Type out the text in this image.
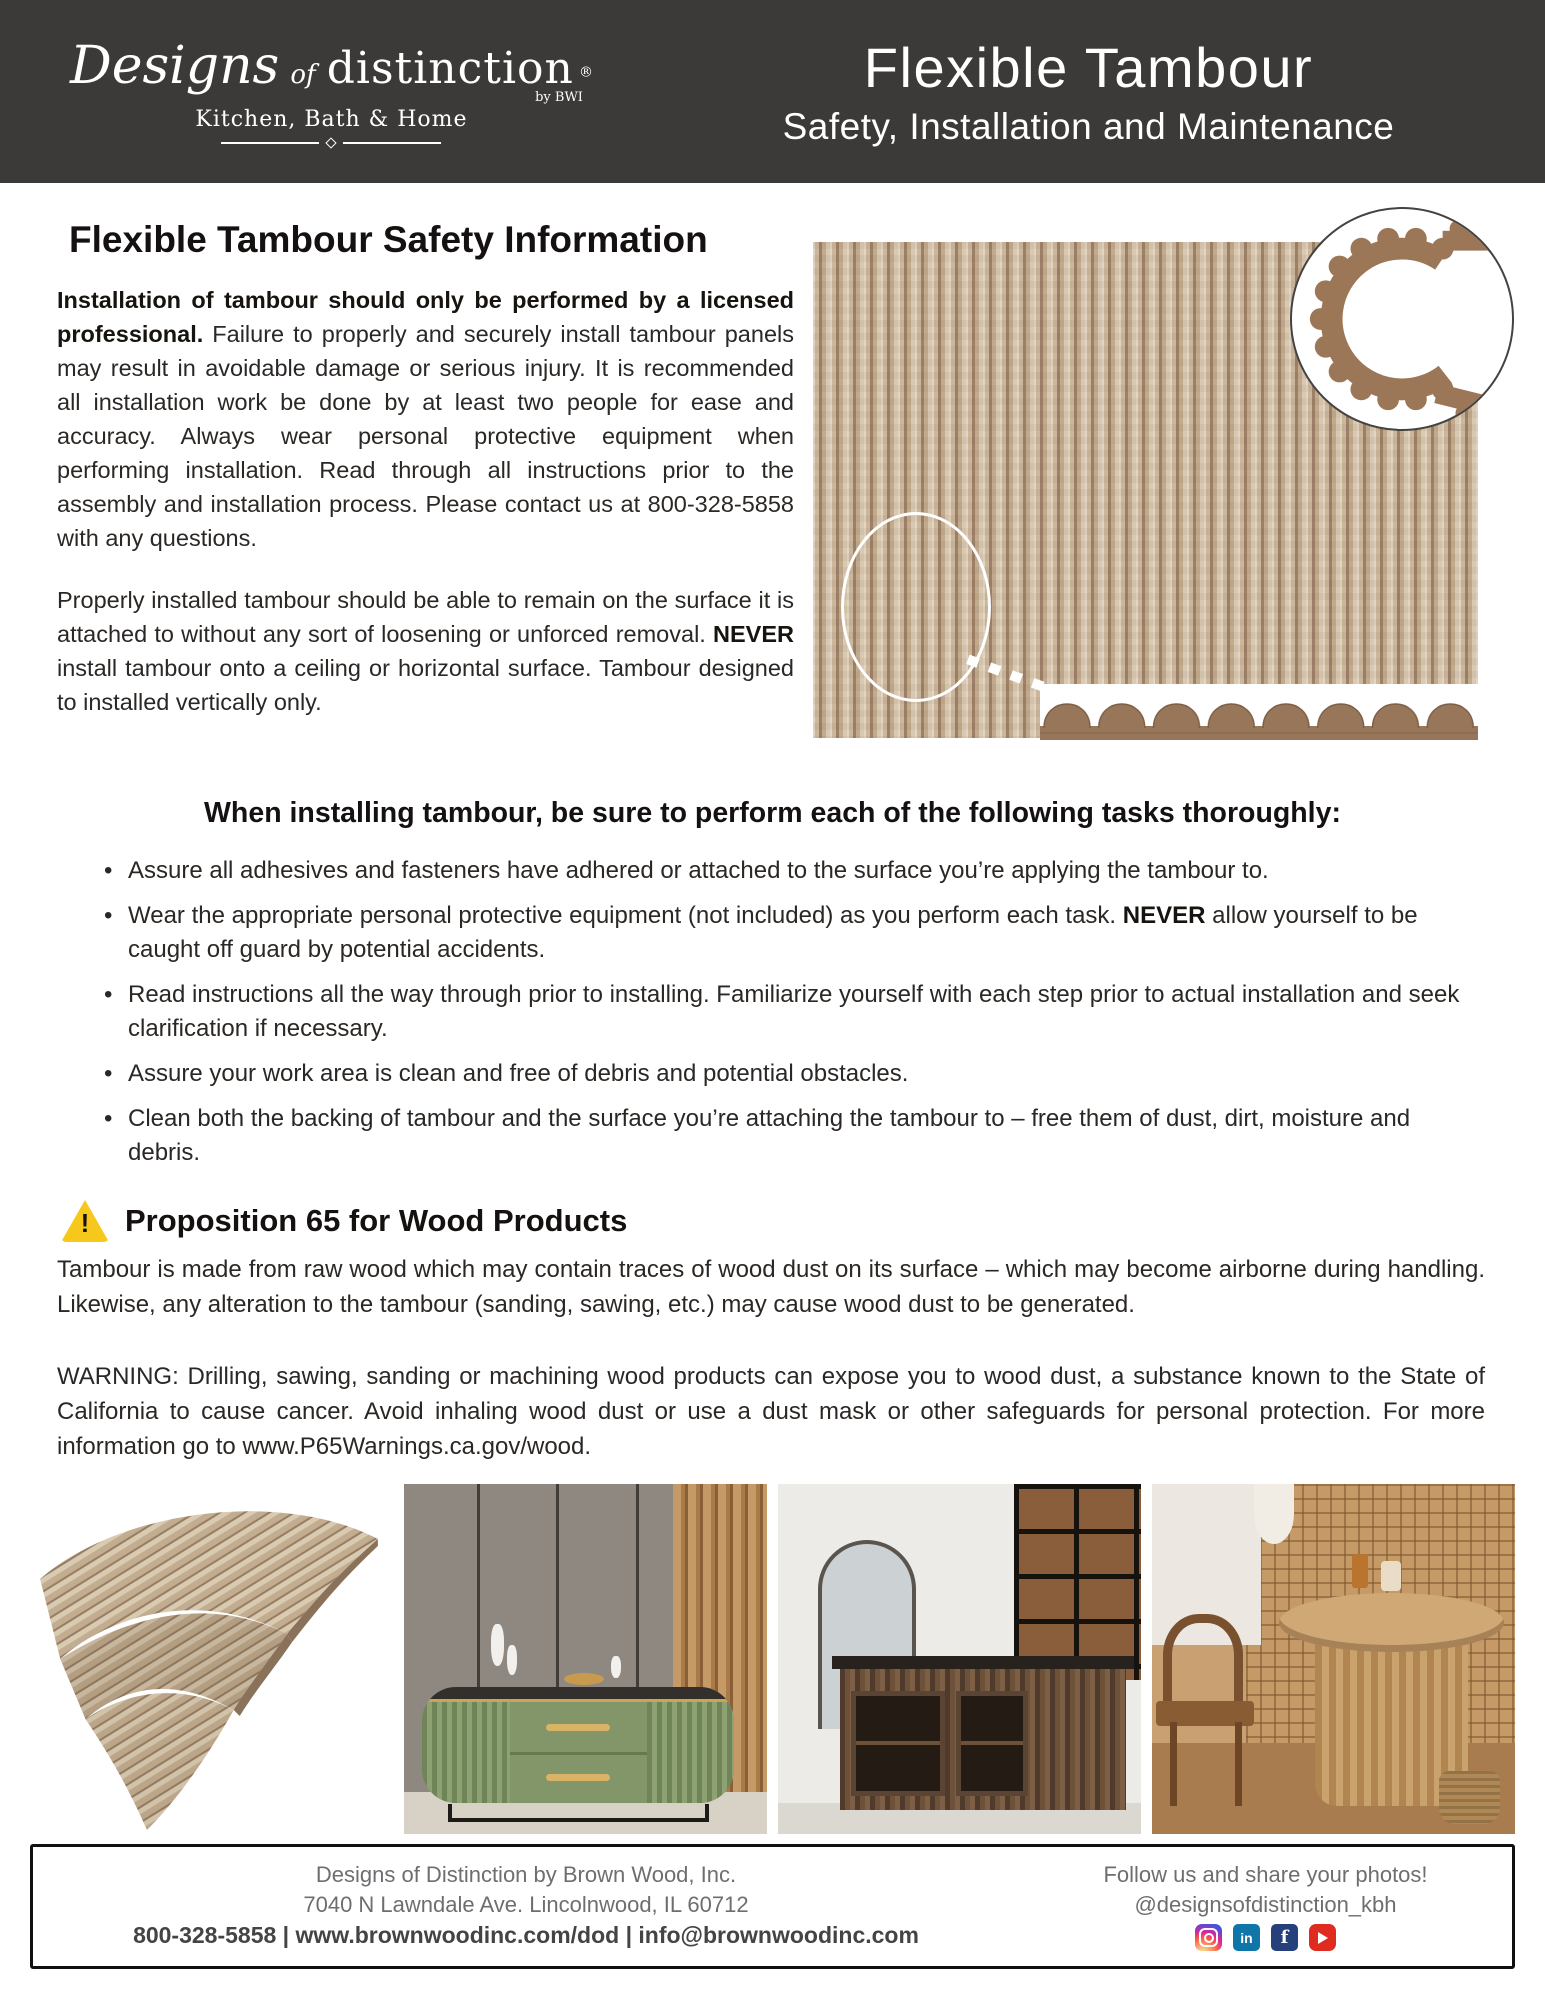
Designs of distinction ®
by BWI
Kitchen, Bath & Home
Flexible Tambour
Safety, Installation and Maintenance
Flexible Tambour Safety Information

Installation of tambour should only be performed by a licensed professional. Failure to properly and securely install tambour panels may result in avoidable damage or serious injury. It is recommended all installation work be done by at least two people for ease and accuracy. Always wear personal protective equipment when performing installation. Read through all instructions prior to the assembly and installation process. Please contact us at 800-328-5858 with any questions.

Properly installed tambour should be able to remain on the surface it is attached to without any sort of loosening or unforced removal. NEVER install tambour onto a ceiling or horizontal surface. Tambour designed to installed vertically only.

When installing tambour, be sure to perform each of the following tasks thoroughly:
• Assure all adhesives and fasteners have adhered or attached to the surface you’re applying the tambour to.
• Wear the appropriate personal protective equipment (not included) as you perform each task. NEVER allow yourself to be caught off guard by potential accidents.
• Read instructions all the way through prior to installing. Familiarize yourself with each step prior to actual installation and seek clarification if necessary.
• Assure your work area is clean and free of debris and potential obstacles.
• Clean both the backing of tambour and the surface you’re attaching the tambour to – free them of dust, dirt, moisture and debris.
!
Proposition 65 for Wood Products

Tambour is made from raw wood which may contain traces of wood dust on its surface – which may become airborne during handling. Likewise, any alteration to the tambour (sanding, sawing, etc.) may cause wood dust to be generated.

WARNING: Drilling, sawing, sanding or machining wood products can expose you to wood dust, a substance known to the State of California to cause cancer. Avoid inhaling wood dust or use a dust mask or other safeguards for personal protection. For more information go to www.P65Warnings.ca.gov/wood.

Designs of Distinction by Brown Wood, Inc.
7040 N Lawndale Ave. Lincolnwood, IL 60712
800-328-5858 | www.brownwoodinc.com/dod | info@brownwoodinc.com
Follow us and share your photos!
@designsofdistinction_kbh
in f
